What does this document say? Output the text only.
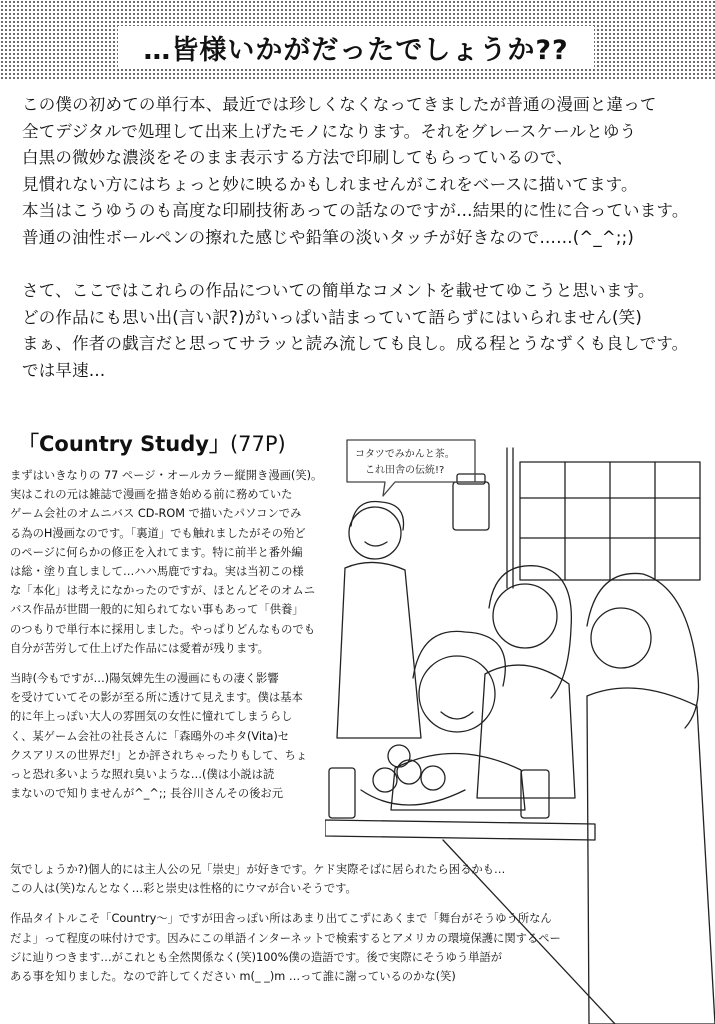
…皆様いかがだったでしょうか??

この僕の初めての単行本、最近では珍しくなくなってきましたが普通の漫画と違って

全てデジタルで処理して出来上げたモノになります。それをグレースケールとゆう

白黒の微妙な濃淡をそのまま表示する方法で印刷してもらっているので、

見慣れない方にはちょっと妙に映るかもしれませんがこれをベースに描いてます。

本当はこうゆうのも高度な印刷技術あっての話なのですが…結果的に性に合っています。

普通の油性ボールペンの擦れた感じや鉛筆の淡いタッチが好きなので……(^_^;;)

さて、ここではこれらの作品についての簡単なコメントを載せてゆこうと思います。

どの作品にも思い出(言い訳?)がいっぱい詰まっていて語らずにはいられません(笑)

まぁ、作者の戯言だと思ってサラッと読み流しても良し。成る程とうなずくも良しです。

では早速…

「Country Study」(77P)	コタツでみかんと茶。
これ田舎の伝統!?

まずはいきなりの 77 ページ・オールカラー縦開き漫画(笑)。

実はこれの元は雑誌で漫画を描き始める前に務めていた

ゲーム会社のオムニバス CD-ROM で描いたパソコンでみ

る為のH漫画なのです。「裏道」でも触れましたがその殆ど

のページに何らかの修正を入れてます。特に前半と番外編

は総・塗り直しまして…ハハ馬鹿ですね。実は当初この様

な「本化」は考えになかったのですが、ほとんどそのオムニ

バス作品が世間一般的に知られてない事もあって「供養」

のつもりで単行本に採用しました。やっぱりどんなものでも

自分が苦労して仕上げた作品には愛着が残ります。

当時(今もですが…)陽気婢先生の漫画にもの凄く影響

を受けていてその影が至る所に透けて見えます。僕は基本

的に年上っぽい大人の雰囲気の女性に憧れてしまうらし

く、某ゲーム会社の社長さんに「森鴎外のヰタ(Vita)セ

クスアリスの世界だ!」とか評されちゃったりもして、ちょ

っと恐れ多いような照れ臭いような…(僕は小説は読

まないので知りませんが^_^;; 長谷川さんその後お元

気でしょうか?)個人的には主人公の兄「崇史」が好きです。ケド実際そばに居られたら困るかも…

この人は(笑)なんとなく…彩と崇史は性格的にウマが合いそうです。

作品タイトルこそ「Country～」ですが田舎っぽい所はあまり出てこずにあくまで「舞台がそうゆう所なん

だよ」って程度の味付けです。因みにこの単語インターネットで検索するとアメリカの環境保護に関するペー

ジに辿りつきます…がこれとも全然関係なく(笑)100%僕の造語です。後で実際にそうゆう単語が

ある事を知りました。なので許してください m(_ _)m …って誰に謝っているのかな(笑)
